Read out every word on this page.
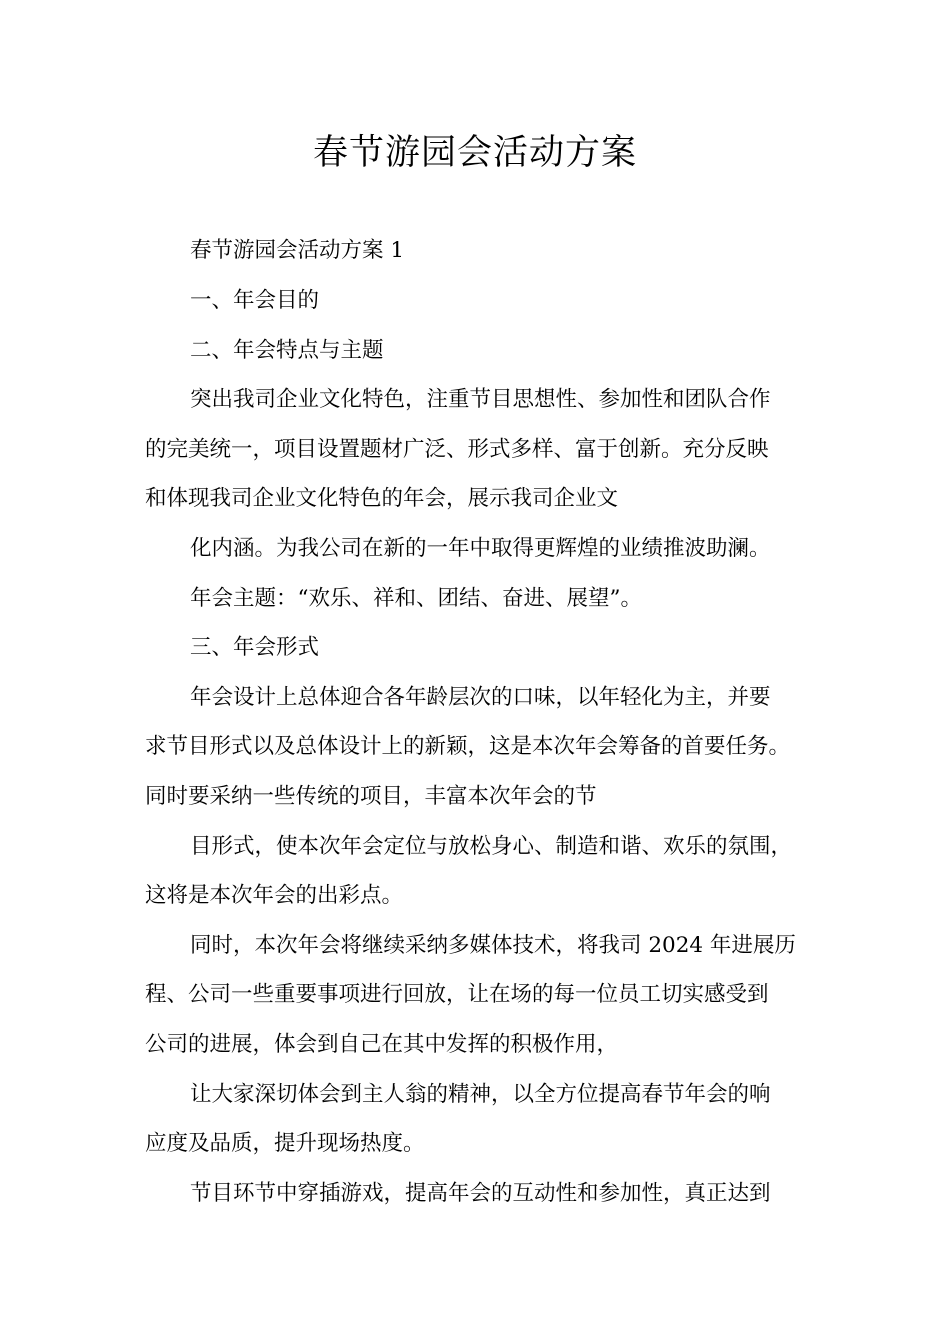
春节游园会活动方案

春节游园会活动方案 1

一、年会目的

二、年会特点与主题

突出我司企业文化特色，注重节目思想性、参加性和团队合作

的完美统一，项目设置题材广泛、形式多样、富于创新。充分反映

和体现我司企业文化特色的年会，展示我司企业文

化内涵。为我公司在新的一年中取得更辉煌的业绩推波助澜。

年会主题：“欢乐、祥和、团结、奋进、展望”。

三、年会形式

年会设计上总体迎合各年龄层次的口味，以年轻化为主，并要

求节目形式以及总体设计上的新颖，这是本次年会筹备的首要任务。

同时要采纳一些传统的项目，丰富本次年会的节

目形式，使本次年会定位与放松身心、制造和谐、欢乐的氛围，

这将是本次年会的出彩点。

同时，本次年会将继续采纳多媒体技术，将我司 2024 年进展历

程、公司一些重要事项进行回放，让在场的每一位员工切实感受到

公司的进展，体会到自己在其中发挥的积极作用，

让大家深切体会到主人翁的精神，以全方位提高春节年会的响

应度及品质，提升现场热度。

节目环节中穿插游戏，提高年会的互动性和参加性，真正达到
